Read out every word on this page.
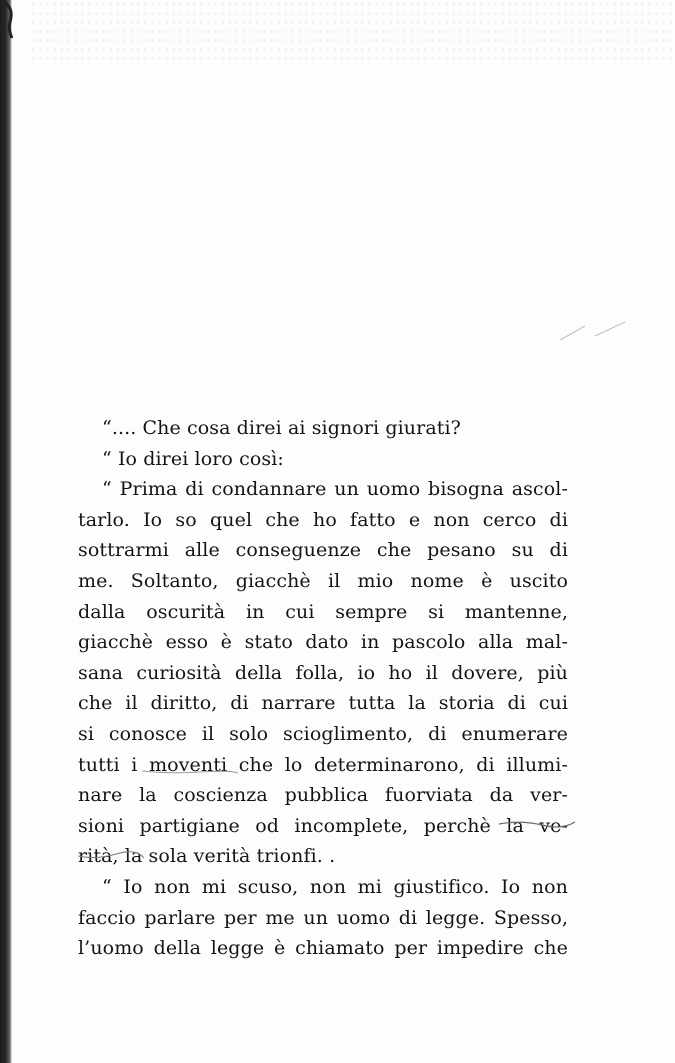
“.... Che cosa direi ai signori giurati?
“ Io direi loro così:
“ Prima di condannare un uomo bisogna ascol-
tarlo. Io so quel che ho fatto e non cerco di
sottrarmi alle conseguenze che pesano su di
me. Soltanto, giacchè il mio nome è uscito
dalla oscurità in cui sempre si mantenne,
giacchè esso è stato dato in pascolo alla mal-
sana curiosità della folla, io ho il dovere, più
che il diritto, di narrare tutta la storia di cui
si conosce il solo scioglimento, di enumerare
tutti i moventi che lo determinarono, di illumi-
nare la coscienza pubblica fuorviata da ver-
sioni partigiane od incomplete, perchè la ve-
rità, la sola verità trionfi. .
“ Io non mi scuso, non mi giustifico. Io non
faccio parlare per me un uomo di legge. Spesso,
l’uomo della legge è chiamato per impedire che
